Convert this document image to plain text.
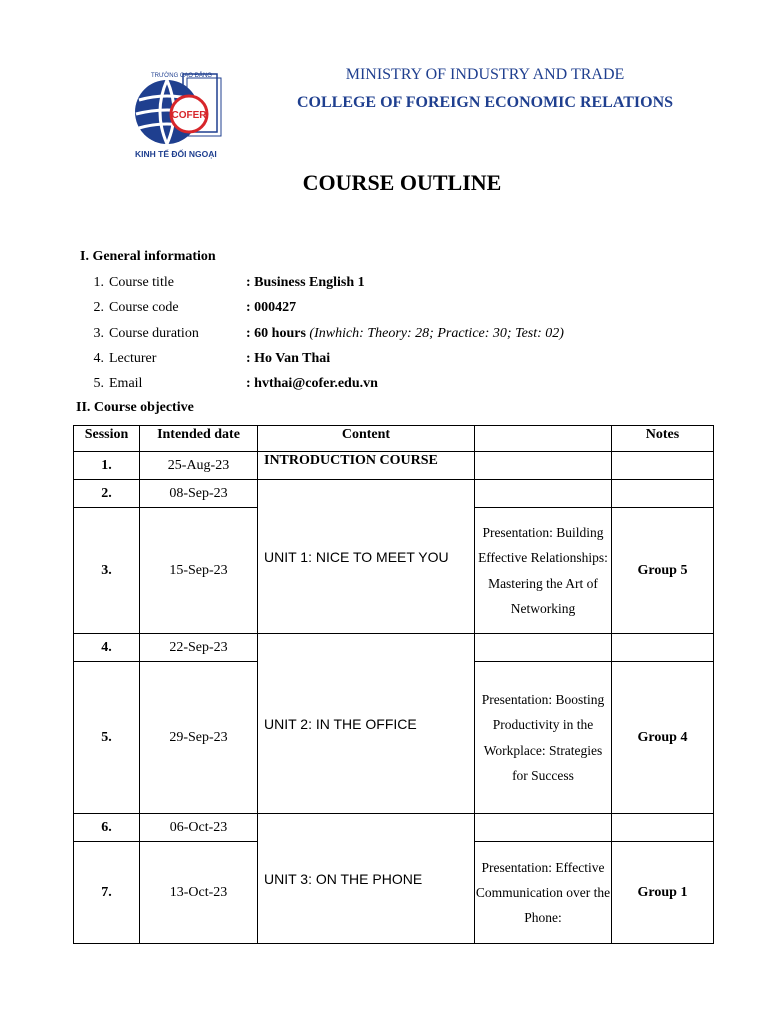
COFER
TRƯỜNG CAO ĐẲNG
KINH TẾ ĐỐI NGOẠI
MINISTRY OF INDUSTRY AND TRADE
COLLEGE OF FOREIGN ECONOMIC RELATIONS
COURSE OUTLINE
I. General information
1. Course title	: Business English 1
2. Course code	: 000427
3. Course duration	: 60 hours (Inwhich: Theory: 28; Practice: 30; Test: 02)
4. Lecturer	: Ho Van Thai
5. Email	: hvthai@cofer.edu.vn
II. Course objective
Session	Intended date	Content		Notes
1.	25-Aug-23	INTRODUCTION COURSE		
2.	08-Sep-23	UNIT 1: NICE TO MEET YOU		
3.	15-Sep-23		Presentation: Building Effective Relationships: Mastering the Art of Networking	Group 5
4.	22-Sep-23	UNIT 2: IN THE OFFICE		
5.	29-Sep-23		Presentation: Boosting Productivity in the Workplace: Strategies for Success	Group 4
6.	06-Oct-23	UNIT 3: ON THE PHONE		
7.	13-Oct-23		Presentation: Effective Communication over the Phone:	Group 1
